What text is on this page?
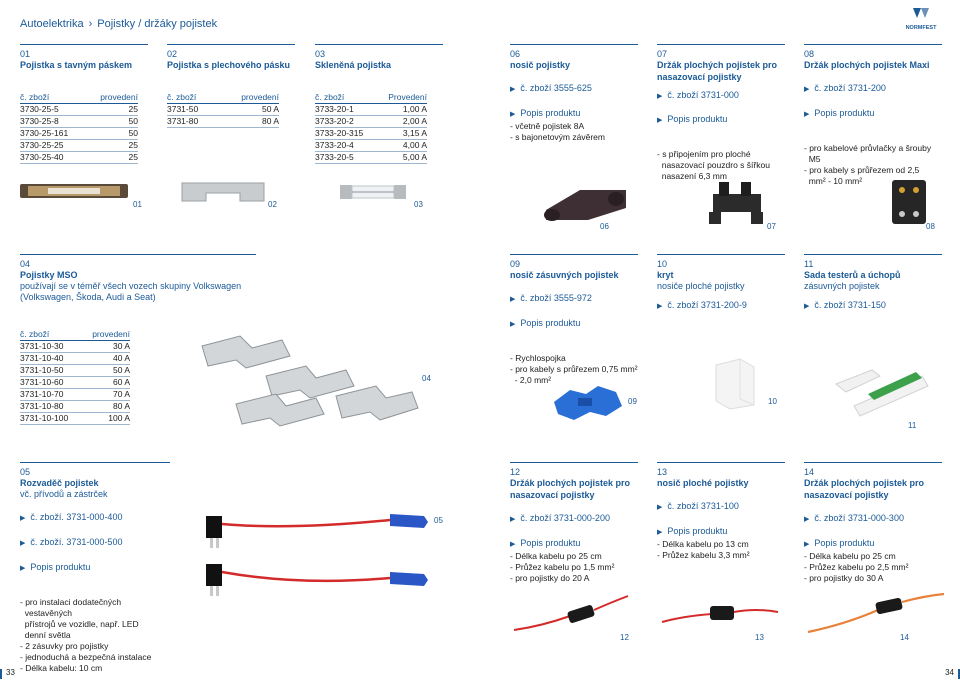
Autoelektrika › Pojistky / držáky pojistek	NORMFEST
01
Pojistka s tavným páskem
č. zboží	provedení
3730-25-5	25
3730-25-8	50
3730-25-161	50
3730-25-25	25
3730-25-40	25
02
Pojistka s plechového pásku
č. zboží	provedení
3731-50	50 A
3731-80	80 A
03
Skleněná pojistka
č. zboží	Provedení
3733-20-1	1,00 A
3733-20-2	2,00 A
3733-20-315	3,15 A
3733-20-4	4,00 A
3733-20-5	5,00 A
06
nosič pojistky
▶ č. zboží 3555-625
▶ Popis produktu
- včetně pojistek 8A
- s bajonetovým závěrem
07
Držák plochých pojistek pro
nasazovací pojistky
▶ č. zboží 3731-000
▶ Popis produktu

- s připojením pro ploché
nasazovací pouzdro s šířkou
nasazení 6,3 mm

08
Držák plochých pojistek Maxi
▶ č. zboží 3731-200
▶ Popis produktu

- pro kabelové průvlačky a šrouby
M5
- pro kabely s průřezem od 2,5
mm² - 10 mm²

01	02	03
06	07	08
04
Pojistky MSO
používají se v téměř všech vozech skupiny Volkswagen
(Volkswagen, Škoda, Audi a Seat)
č. zboží	provedení
3731-10-30	30 A
3731-10-40	40 A
3731-10-50	50 A
3731-10-60	60 A
3731-10-70	70 A
3731-10-80	80 A
3731-10-100	100 A
04
09
nosič zásuvných pojistek
▶ č. zboží 3555-972
▶ Popis produktu

- Rychlospojka
- pro kabely s průřezem 0,75 mm²
- 2,0 mm²

09
10
kryt
nosiče ploché pojistky
▶ č. zboží 3731-200-9
10
11
Sada testerů a úchopů
zásuvných pojistek
▶ č. zboží 3731-150
11
05
Rozvaděč pojistek
vč. přívodů a zástrček
▶ č. zboží. 3731-000-400
▶ č. zboží. 3731-000-500
▶ Popis produktu

- pro instalaci dodatečných
vestavěných
přístrojů ve vozidle, např. LED
denní světla
- 2 zásuvky pro pojistky
- jednoduchá a bezpečná instalace
- Délka kabelu: 10 cm

05
12
Držák plochých pojistek pro
nasazovací pojistky
▶ č. zboží 3731-000-200
▶ Popis produktu
- Délka kabelu po 25 cm
- Průžez kabelu po 1,5 mm²
- pro pojistky do 20 A
12
13
nosič ploché pojistky
▶ č. zboží 3731-100
▶ Popis produktu
- Délka kabelu po 13 cm
- Průžez kabelu 3,3 mm²
13
14
Držák plochých pojistek pro
nasazovací pojistky
▶ č. zboží 3731-000-300
▶ Popis produktu
- Délka kabelu po 25 cm
- Průžez kabelu po 2,5 mm²
- pro pojistky do 30 A
14
33	34
